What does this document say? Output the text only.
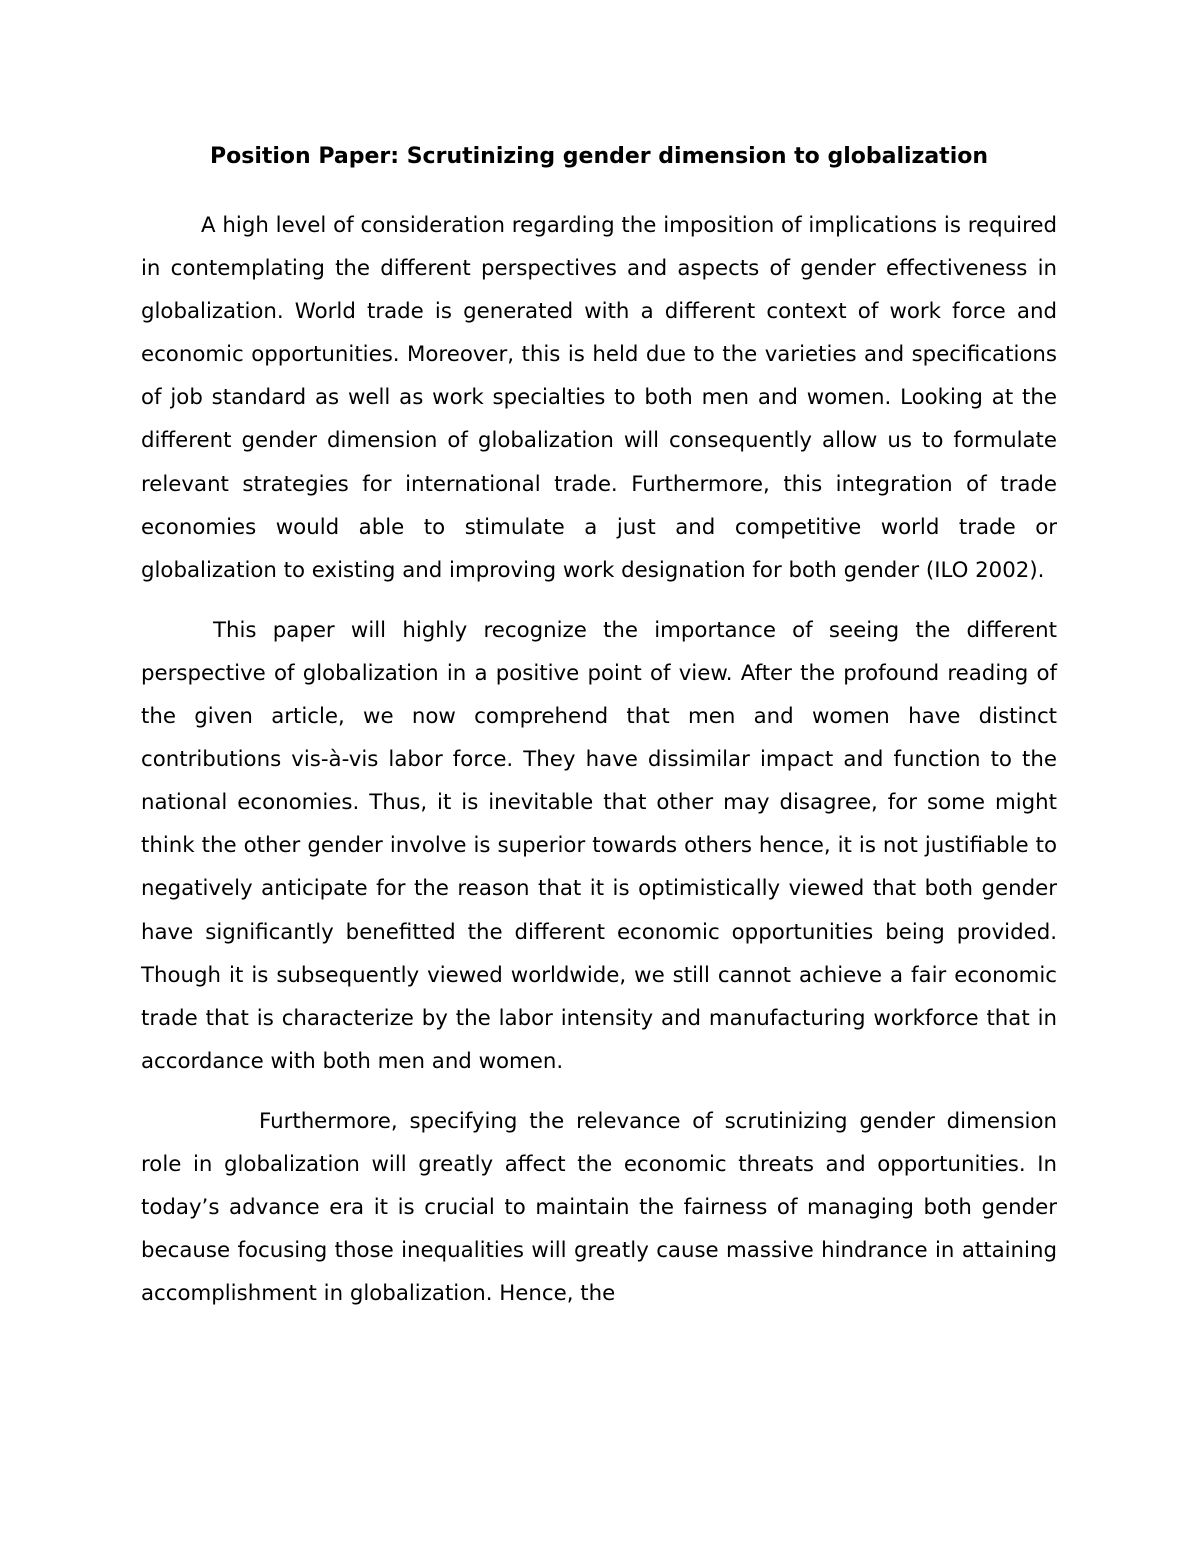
Position Paper: Scrutinizing gender dimension to globalization

A high level of consideration regarding the imposition of implications is required in contemplating the different perspectives and aspects of gender effectiveness in globalization. World trade is generated with a different context of work force and economic opportunities. Moreover, this is held due to the varieties and specifications of job standard as well as work specialties to both men and women. Looking at the different gender dimension of globalization will consequently allow us to formulate relevant strategies for international trade. Furthermore, this integration of trade economies would able to stimulate a just and competitive world trade or globalization to existing and improving work designation for both gender (ILO 2002).

This paper will highly recognize the importance of seeing the different perspective of globalization in a positive point of view. After the profound reading of the given article, we now comprehend that men and women have distinct contributions vis-à-vis labor force. They have dissimilar impact and function to the national economies. Thus, it is inevitable that other may disagree, for some might think the other gender involve is superior towards others hence, it is not justifiable to negatively anticipate for the reason that it is optimistically viewed that both gender have significantly benefitted the different economic opportunities being provided. Though it is subsequently viewed worldwide, we still cannot achieve a fair economic trade that is characterize by the labor intensity and manufacturing workforce that in accordance with both men and women.

Furthermore, specifying the relevance of scrutinizing gender dimension role in globalization will greatly affect the economic threats and opportunities. In today’s advance era it is crucial to maintain the fairness of managing both gender because focusing those inequalities will greatly cause massive hindrance in attaining accomplishment in globalization. Hence, the
